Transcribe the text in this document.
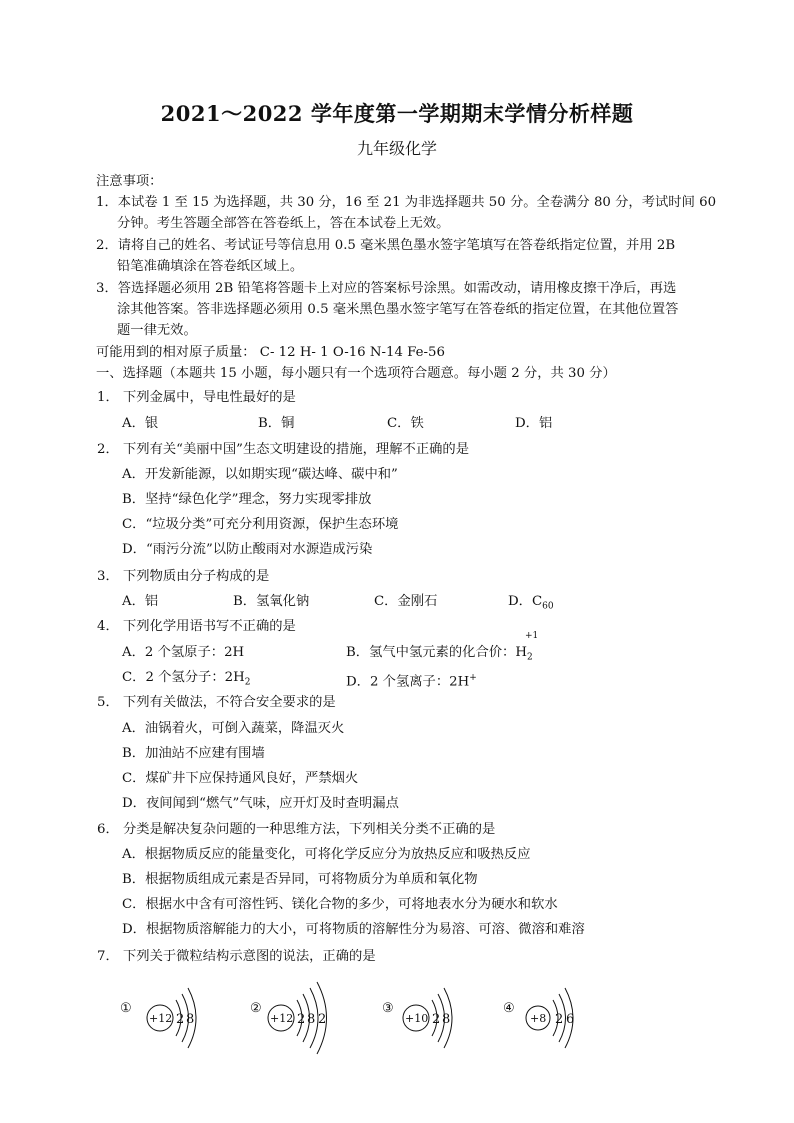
2021～2022 学年度第一学期期末学情分析样题
九年级化学
注意事项：
1．本试卷 1 至 15 为选择题，共 30 分，16 至 21 为非选择题共 50 分。全卷满分 80 分，考试时间 60
分钟。考生答题全部答在答卷纸上，答在本试卷上无效。
2．请将自己的姓名、考试证号等信息用 0.5 毫米黑色墨水签字笔填写在答卷纸指定位置，并用 2B
铅笔准确填涂在答卷纸区域上。
3．答选择题必须用 2B 铅笔将答题卡上对应的答案标号涂黑。如需改动，请用橡皮擦干净后，再选
涂其他答案。答非选择题必须用 0.5 毫米黑色墨水签字笔写在答卷纸的指定位置，在其他位置答
题一律无效。
可能用到的相对原子质量： C- 12 H- 1 O-16 N-14 Fe-56
一、选择题（本题共 15 小题，每小题只有一个选项符合题意。每小题 2 分，共 30 分）
1． 下列金属中，导电性最好的是
A．银	B．铜	C．铁	D．铝
2． 下列有关“美丽中国”生态文明建设的措施，理解不正确的是
A．开发新能源，以如期实现“碳达峰、碳中和”
B．坚持“绿色化学”理念，努力实现零排放
C．“垃圾分类”可充分利用资源，保护生态环境
D．“雨污分流”以防止酸雨对水源造成污染
3． 下列物质由分子构成的是
A．铝	B．氢氧化钠	C．金刚石	D．$C_{60}$
4． 下列化学用语书写不正确的是
A．2 个氢原子：2H	B．氢气中氢元素的化合价：$H_2$
+1
C．2 个氢分子：$2H_2$	D．2 个氢离子：2H+
5． 下列有关做法，不符合安全要求的是
A．油锅着火，可倒入蔬菜，降温灭火
B．加油站不应建有围墙
C．煤矿井下应保持通风良好，严禁烟火
D．夜间闻到“燃气”气味，应开灯及时查明漏点
6． 分类是解决复杂问题的一种思维方法，下列相关分类不正确的是
A．根据物质反应的能量变化，可将化学反应分为放热反应和吸热反应
B．根据物质组成元素是否异同，可将物质分为单质和氧化物
C．根据水中含有可溶性钙、镁化合物的多少，可将地表水分为硬水和软水
D．根据物质溶解能力的大小，可将物质的溶解性分为易溶、可溶、微溶和难溶
7． 下列关于微粒结构示意图的说法，正确的是
①
+12 2 8
②
+12 2 8 2
③
+10 2 8
④
+8 2 6
